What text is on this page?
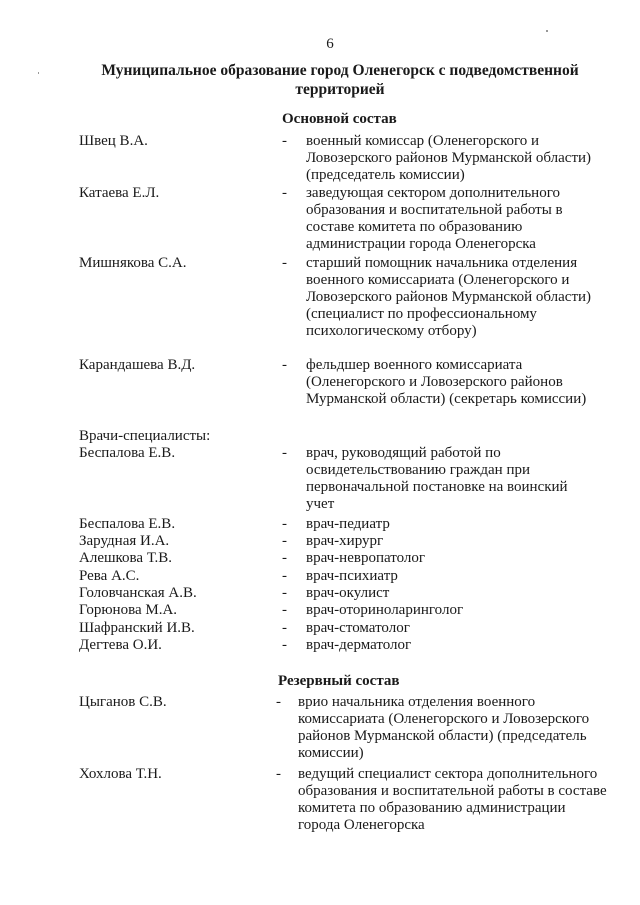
6
Муниципальное образование город Оленегорск с подведомственной территорией
Основной состав
Швец В.А.	- военный комиссар (Оленегорского и Ловозерского районов Мурманской области) (председатель комиссии)
Катаева Е.Л.	- заведующая сектором дополнительного образования и воспитательной работы в составе комитета по образованию администрации города Оленегорска
Мишнякова С.А.	- старший помощник начальника отделения военного комиссариата (Оленегорского и Ловозерского районов Мурманской области) (специалист по профессиональному психологическому отбору)
Карандашева В.Д.	- фельдшер военного комиссариата (Оленегорского и Ловозерского районов Мурманской области) (секретарь комиссии)
Врачи-специалисты:
Беспалова Е.В.	- врач, руководящий работой по освидетельствованию граждан при первоначальной постановке на воинский учет
Беспалова Е.В.	- врач-педиатр
Зарудная И.А.	- врач-хирург
Алешкова Т.В.	- врач-невропатолог
Рева А.С.	- врач-психиатр
Головчанская А.В.	- врач-окулист
Горюнова М.А.	- врач-оториноларинголог
Шафранский И.В.	- врач-стоматолог
Дегтева О.И.	- врач-дерматолог
Резервный состав
Цыганов С.В.	- врио начальника отделения военного комиссариата (Оленегорского и Ловозерского районов Мурманской области) (председатель комиссии)
Хохлова Т.Н.	- ведущий специалист сектора дополнительного образования и воспитательной работы в составе комитета по образованию администрации города Оленегорска
